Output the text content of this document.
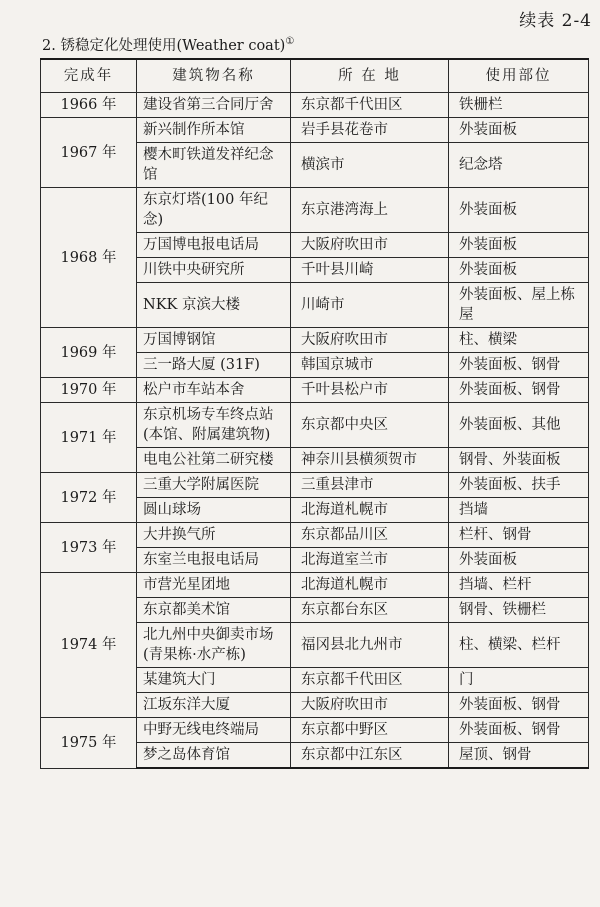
续表 2-4
2. 锈稳定化处理使用(Weather coat)①
完成年	建筑物名称	所 在 地	使用部位
1966 年	建设省第三合同厅舍	东京都千代田区	铁栅栏
1967 年	新兴制作所本馆	岩手县花卷市	外装面板
	樱木町铁道发祥纪念馆	横滨市	纪念塔
1968 年	东京灯塔(100 年纪念)	东京港湾海上	外装面板
	万国博电报电话局	大阪府吹田市	外装面板
	川铁中央研究所	千叶县川崎	外装面板
	NKK 京滨大楼	川崎市	外装面板、屋上栋屋
1969 年	万国博钢馆	大阪府吹田市	柱、横梁
	三一路大厦 (31F)	韩国京城市	外装面板、钢骨
1970 年	松户市车站本舍	千叶县松户市	外装面板、钢骨
1971 年	东京机场专车终点站(本馆、附属建筑物)	东京都中央区	外装面板、其他
	电电公社第二研究楼	神奈川县横须贺市	钢骨、外装面板
1972 年	三重大学附属医院	三重县津市	外装面板、扶手
	圆山球场	北海道札幌市	挡墙
1973 年	大井换气所	东京都品川区	栏杆、钢骨
	东室兰电报电话局	北海道室兰市	外装面板
1974 年	市营光星团地	北海道札幌市	挡墙、栏杆
	东京都美术馆	东京都台东区	钢骨、铁栅栏
	北九州中央御卖市场(青果栋·水产栋)	福冈县北九州市	柱、横梁、栏杆
	某建筑大门	东京都千代田区	门
	江坂东洋大厦	大阪府吹田市	外装面板、钢骨
1975 年	中野无线电终端局	东京都中野区	外装面板、钢骨
	梦之岛体育馆	东京都中江东区	屋顶、钢骨
